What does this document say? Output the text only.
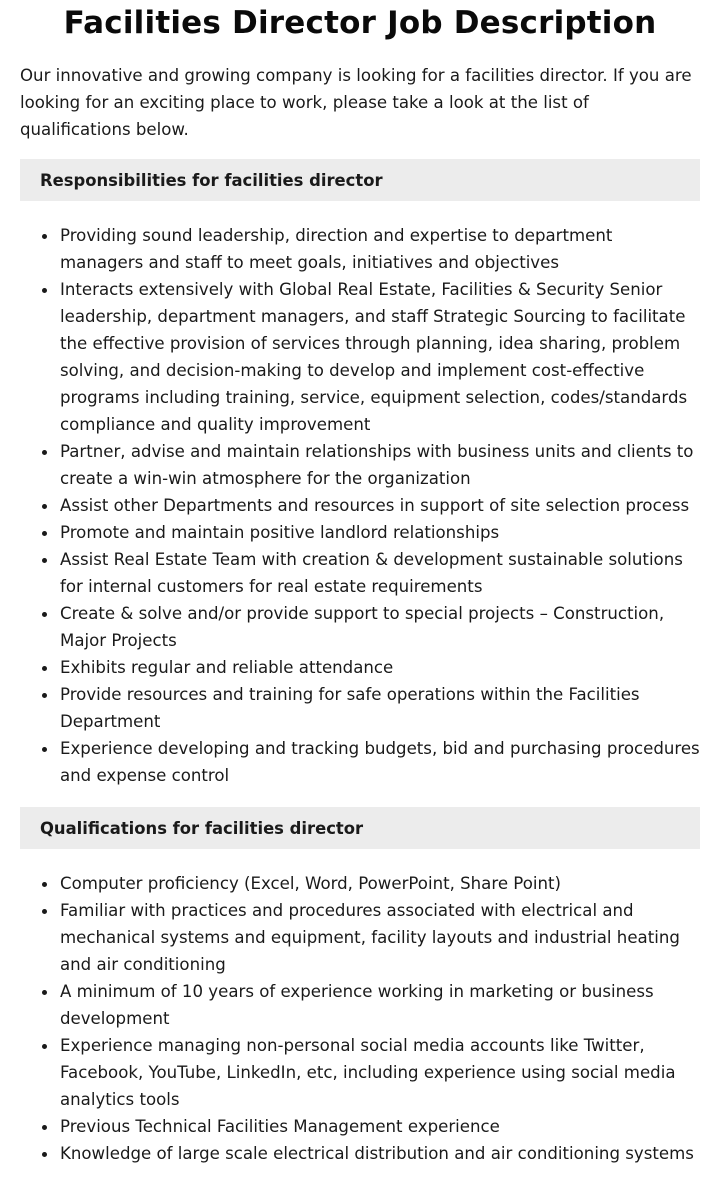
Facilities Director Job Description

Our innovative and growing company is looking for a facilities director. If you are looking for an exciting place to work, please take a look at the list of qualifications below.

Responsibilities for facilities director
Providing sound leadership, direction and expertise to department managers and staff to meet goals, initiatives and objectives
Interacts extensively with Global Real Estate, Facilities & Security Senior leadership, department managers, and staff Strategic Sourcing to facilitate the effective provision of services through planning, idea sharing, problem solving, and decision-making to develop and implement cost-effective programs including training, service, equipment selection, codes/standards compliance and quality improvement
Partner, advise and maintain relationships with business units and clients to create a win-win atmosphere for the organization
Assist other Departments and resources in support of site selection process
Promote and maintain positive landlord relationships
Assist Real Estate Team with creation & development sustainable solutions for internal customers for real estate requirements
Create & solve and/or provide support to special projects – Construction, Major Projects
Exhibits regular and reliable attendance
Provide resources and training for safe operations within the Facilities Department
Experience developing and tracking budgets, bid and purchasing procedures and expense control
Qualifications for facilities director
Computer proficiency (Excel, Word, PowerPoint, Share Point)
Familiar with practices and procedures associated with electrical and mechanical systems and equipment, facility layouts and industrial heating and air conditioning
A minimum of 10 years of experience working in marketing or business development
Experience managing non-personal social media accounts like Twitter, Facebook, YouTube, LinkedIn, etc, including experience using social media analytics tools
Previous Technical Facilities Management experience
Knowledge of large scale electrical distribution and air conditioning systems
